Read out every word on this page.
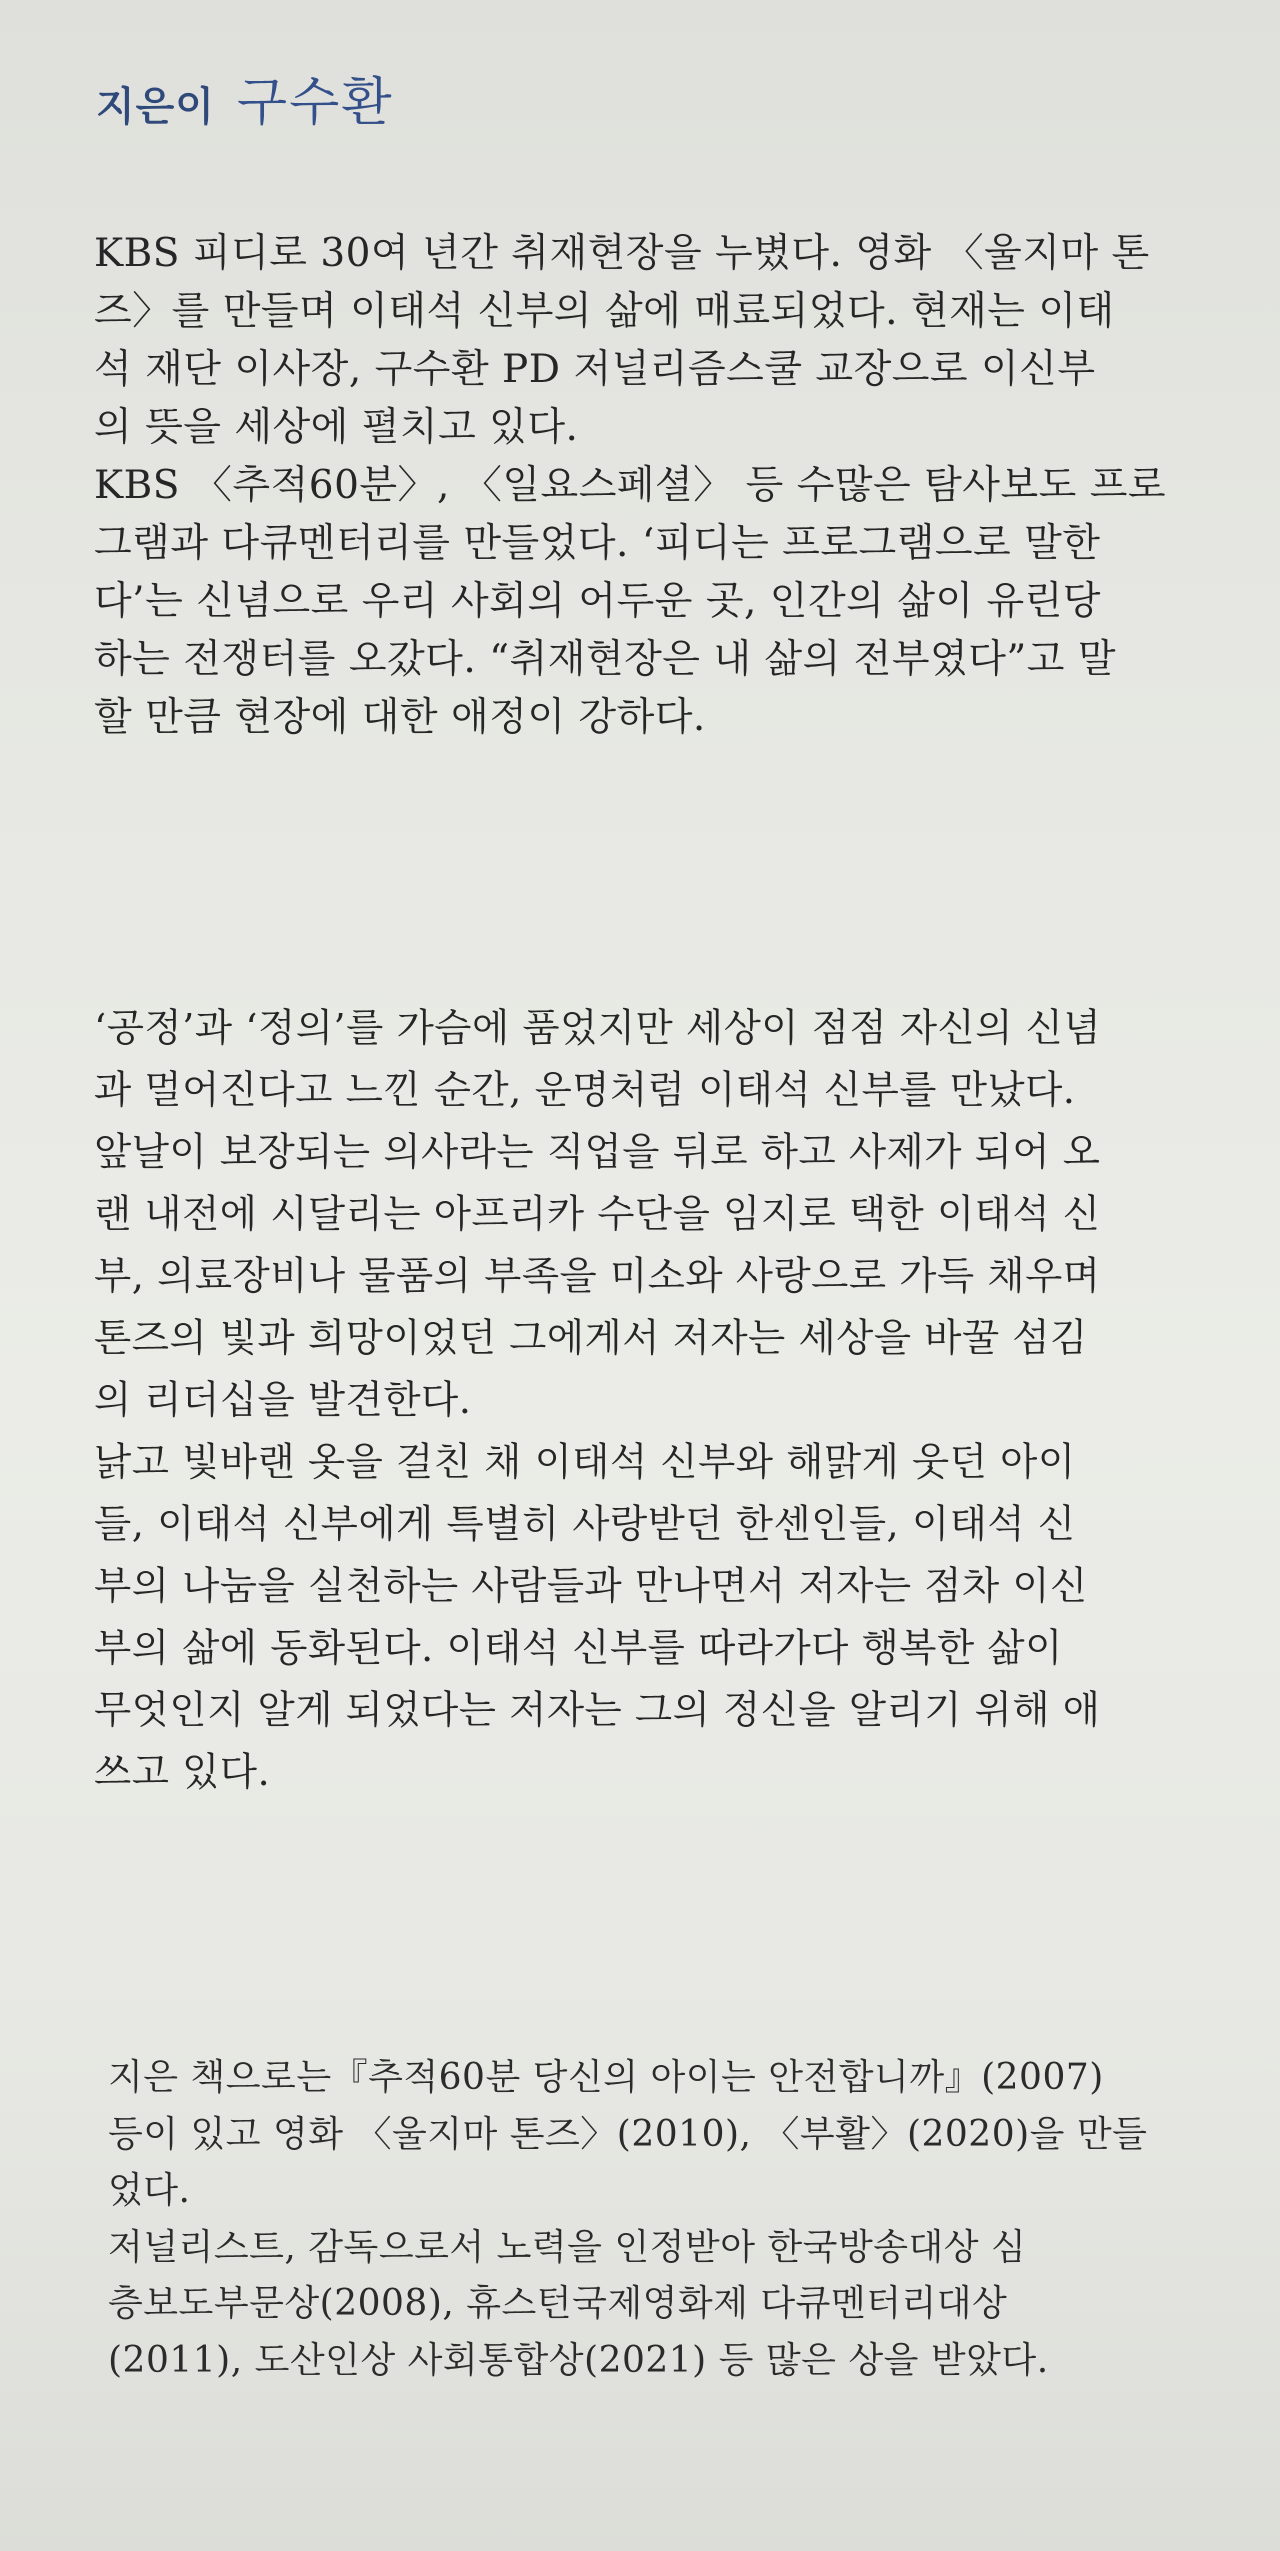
지은이 구수환
KBS 피디로 30여 년간 취재현장을 누볐다. 영화 〈울지마 톤
즈〉를 만들며 이태석 신부의 삶에 매료되었다. 현재는 이태
석 재단 이사장, 구수환 PD 저널리즘스쿨 교장으로 이신부
의 뜻을 세상에 펼치고 있다.
KBS 〈추적60분〉, 〈일요스페셜〉 등 수많은 탐사보도 프로
그램과 다큐멘터리를 만들었다. ‘피디는 프로그램으로 말한
다’는 신념으로 우리 사회의 어두운 곳, 인간의 삶이 유린당
하는 전쟁터를 오갔다. “취재현장은 내 삶의 전부였다”고 말
할 만큼 현장에 대한 애정이 강하다.
‘공정’과 ‘정의’를 가슴에 품었지만 세상이 점점 자신의 신념
과 멀어진다고 느낀 순간, 운명처럼 이태석 신부를 만났다.
앞날이 보장되는 의사라는 직업을 뒤로 하고 사제가 되어 오
랜 내전에 시달리는 아프리카 수단을 임지로 택한 이태석 신
부, 의료장비나 물품의 부족을 미소와 사랑으로 가득 채우며
톤즈의 빛과 희망이었던 그에게서 저자는 세상을 바꿀 섬김
의 리더십을 발견한다.
낡고 빛바랜 옷을 걸친 채 이태석 신부와 해맑게 웃던 아이
들, 이태석 신부에게 특별히 사랑받던 한센인들, 이태석 신
부의 나눔을 실천하는 사람들과 만나면서 저자는 점차 이신
부의 삶에 동화된다. 이태석 신부를 따라가다 행복한 삶이
무엇인지 알게 되었다는 저자는 그의 정신을 알리기 위해 애
쓰고 있다.
지은 책으로는『추적60분 당신의 아이는 안전합니까』(2007)
등이 있고 영화 〈울지마 톤즈〉(2010), 〈부활〉(2020)을 만들
었다.
저널리스트, 감독으로서 노력을 인정받아 한국방송대상 심
층보도부문상(2008), 휴스턴국제영화제 다큐멘터리대상
(2011), 도산인상 사회통합상(2021) 등 많은 상을 받았다.
